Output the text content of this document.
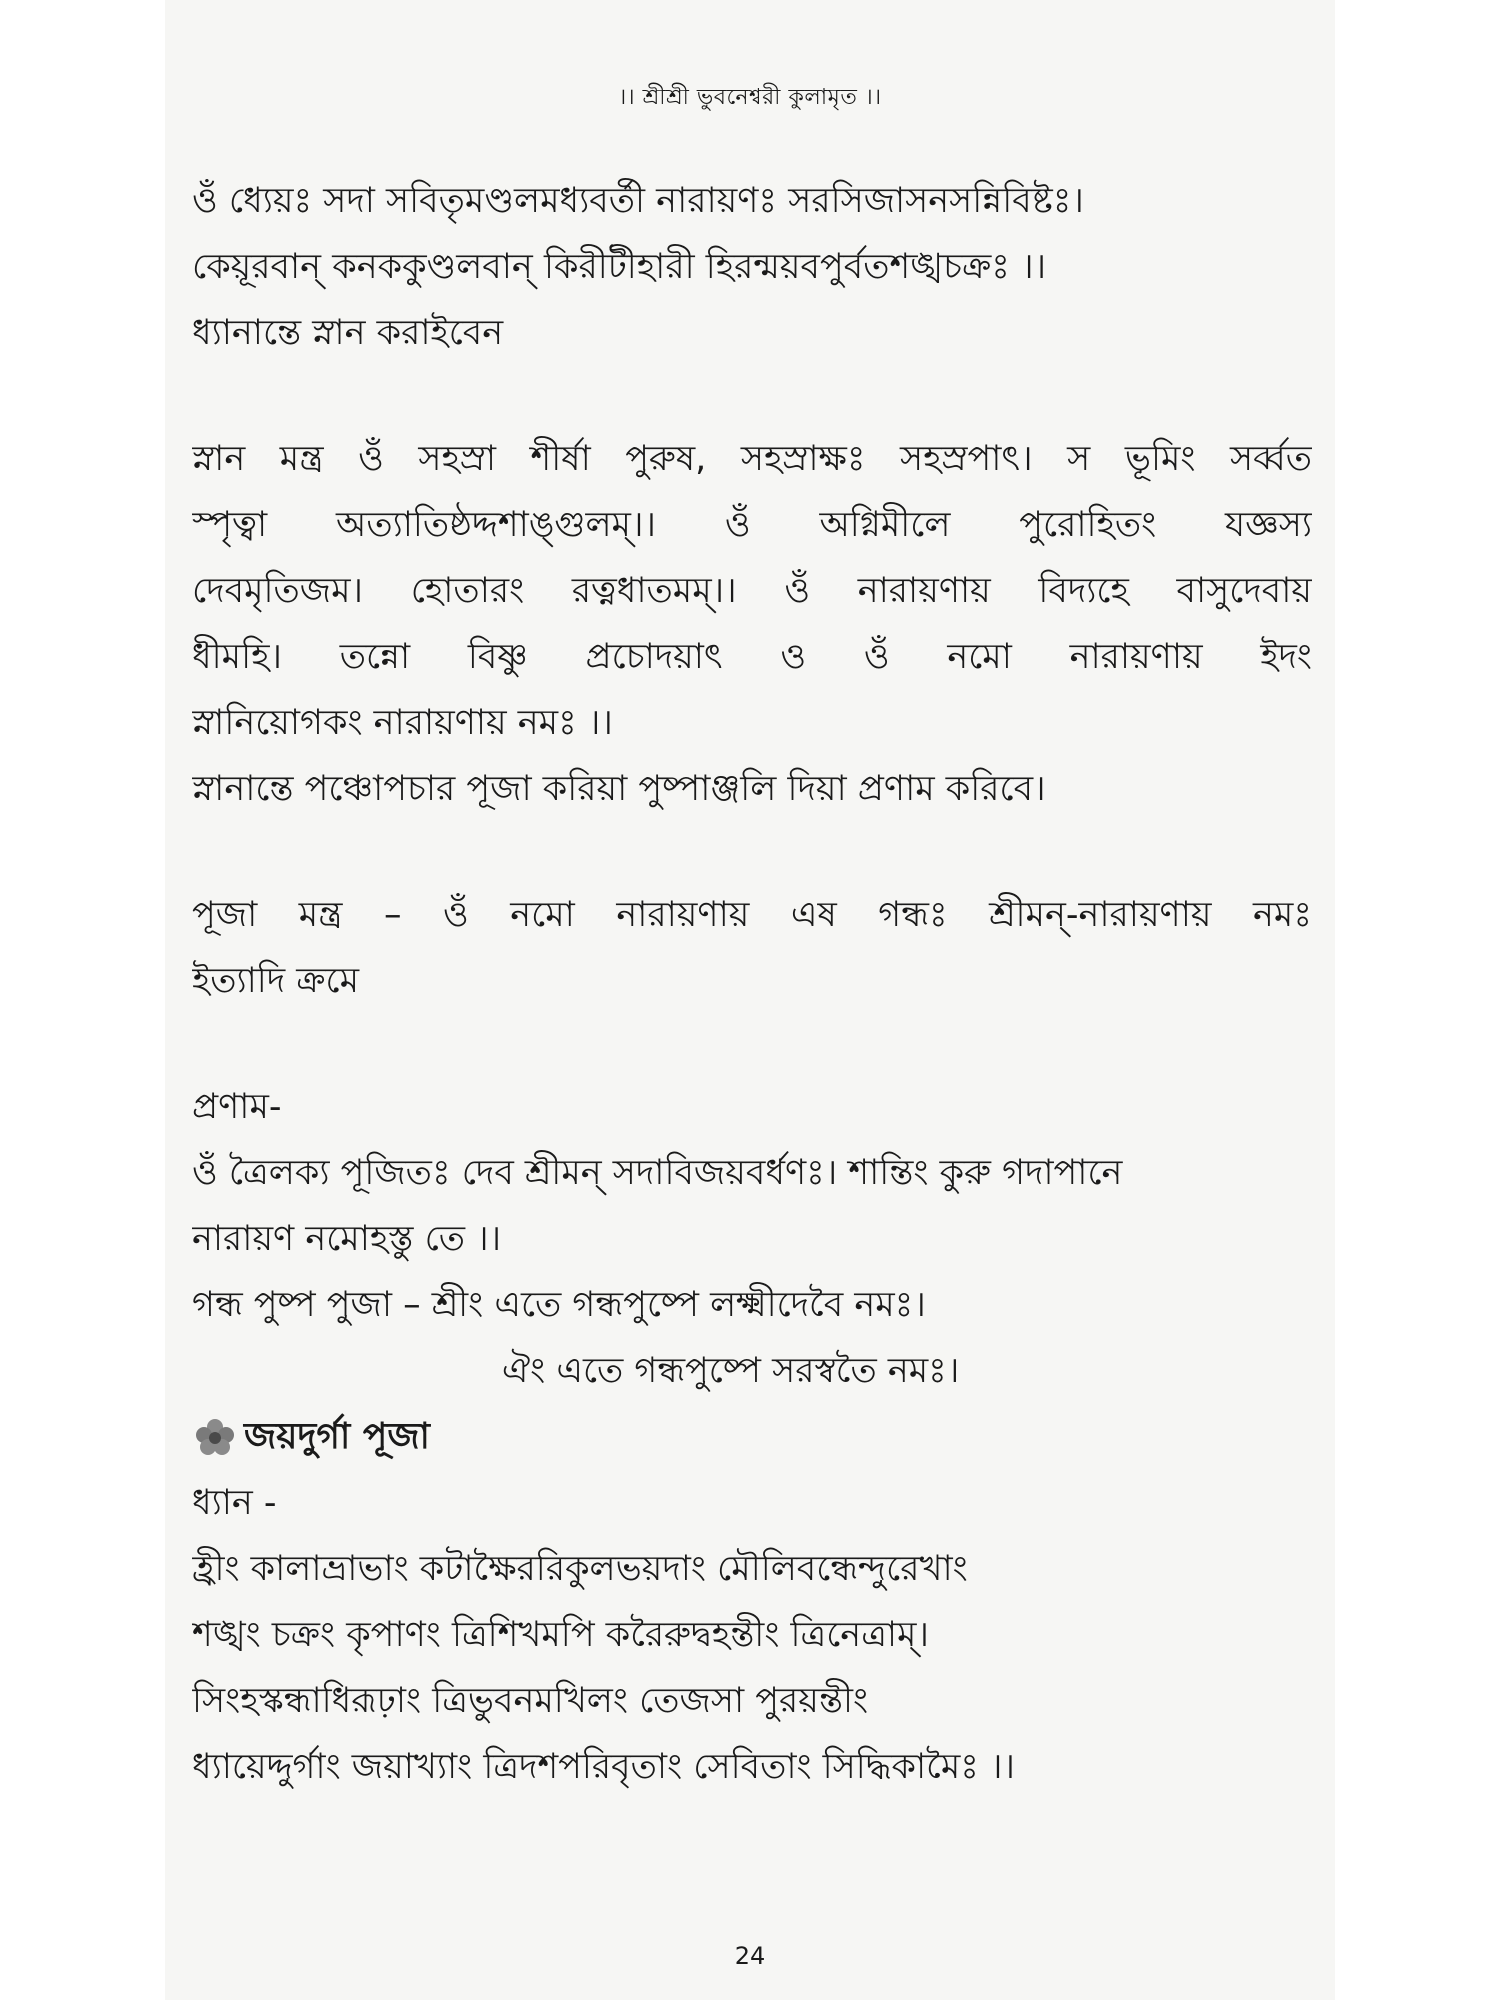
।। শ্রীশ্রী ভুবনেশ্বরী কুলামৃত ।।
ওঁ ধ্যেয়ঃ সদা সবিতৃমণ্ডলমধ্যবর্তী নারায়ণঃ সরসিজাসনসন্নিবিষ্টঃ।
কেয়ূরবান্ কনককুণ্ডলবান্ কিরীটীহারী হিরন্ময়বপুর্বতশঙ্খচক্রঃ ।।
ধ্যানান্তে স্নান করাইবেন
স্নান মন্ত্র ওঁ সহস্রা শীর্ষা পুরুষ, সহস্রাক্ষঃ সহস্রপাৎ। স ভূমিং সর্ব্বত
স্পৃত্বা অত্যাতিষ্ঠদ্দশাঙ্গুলম্।। ওঁ অগ্নিমীলে পুরোহিতং যজ্ঞস্য
দেবমৃতিজম। হোতারং রত্নধাতমম্।। ওঁ নারায়ণায় বিদ্যহে বাসুদেবায়
ধীমহি। তন্নো বিষ্ণু প্রচোদয়াৎ ও ওঁ নমো নারায়ণায় ইদং
স্নানিয়োগকং নারায়ণায় নমঃ ।।
স্নানান্তে পঞ্চোপচার পূজা করিয়া পুষ্পাঞ্জলি দিয়া প্রণাম করিবে।
পূজা মন্ত্র – ওঁ নমো নারায়ণায় এষ গন্ধঃ শ্রীমন্-নারায়ণায় নমঃ
ইত্যাদি ক্রমে
প্রণাম-
ওঁ ত্রৈলক্য পূজিতঃ দেব শ্রীমন্ সদাবিজয়বর্ধণঃ। শান্তিং কুরু গদাপানে
নারায়ণ নমোহস্তু তে ।।
গন্ধ পুষ্প পুজা – শ্রীং এতে গন্ধপুষ্পে লক্ষ্মীদেবৈ নমঃ।
ঐং এতে গন্ধপুষ্পে সরস্বতৈ নমঃ।
জয়দুর্গা পূজা
ধ্যান -
হ্রীং কালাভ্রাভাং কটাক্ষৈররিকুলভয়দাং মৌলিবন্ধেন্দুরেখাং
শঙ্খং চক্রং কৃপাণং ত্রিশিখমপি করৈরুদ্বহন্তীং ত্রিনেত্রাম্।
সিংহস্কন্ধাধিরূঢ়াং ত্রিভুবনমখিলং তেজসা পুরয়ন্তীং
ধ্যায়েদ্দুর্গাং জয়াখ্যাং ত্রিদশপরিবৃতাং সেবিতাং সিদ্ধিকামৈঃ ।।
24
